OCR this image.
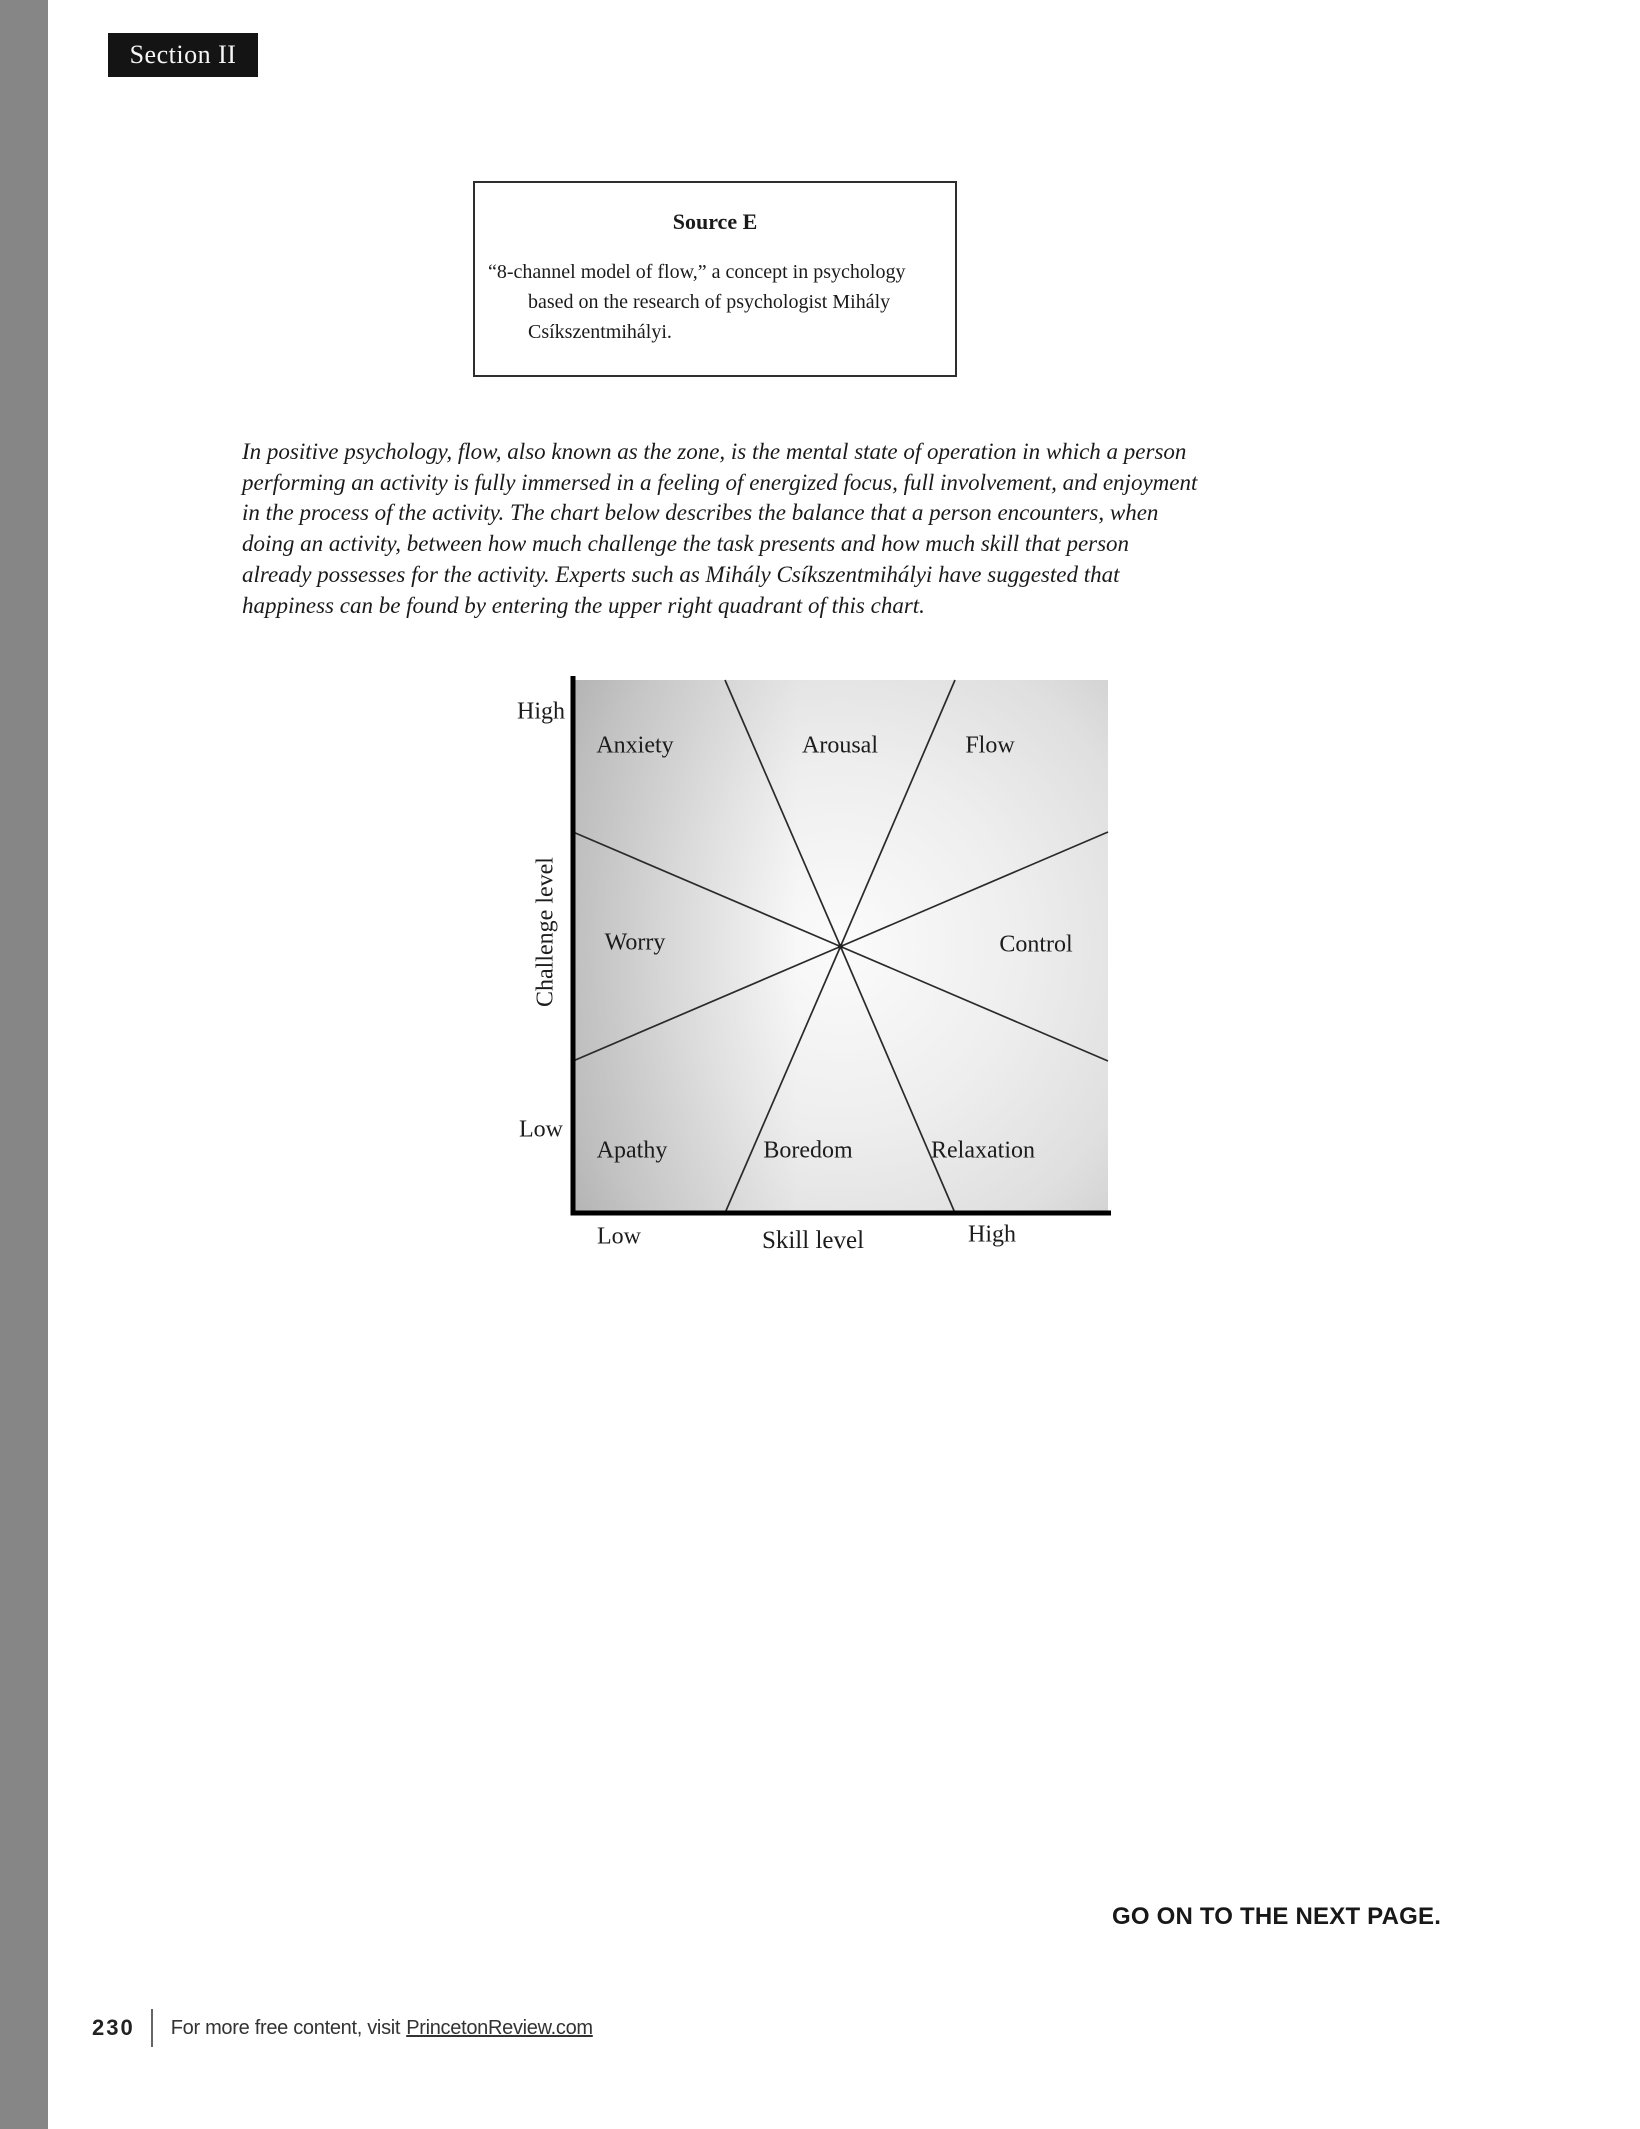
Section II
Source E
“8-channel model of flow,” a concept in psychology
based on the research of psychologist Mihály
Csíkszentmihályi.
In positive psychology, flow, also known as the zone, is the mental state of operation in which a person
performing an activity is fully immersed in a feeling of energized focus, full involvement, and enjoyment
in the process of the activity. The chart below describes the balance that a person encounters, when
doing an activity, between how much challenge the task presents and how much skill that person
already possesses for the activity. Experts such as Mihály Csíkszentmihályi have suggested that
happiness can be found by entering the upper right quadrant of this chart.
Anxiety	Arousal	Flow
Worry	Control
Apathy	Boredom	Relaxation
High
Low
Challenge level
Low	Skill level	High
GO ON TO THE NEXT PAGE.
230 For more free content, visit PrincetonReview.com
